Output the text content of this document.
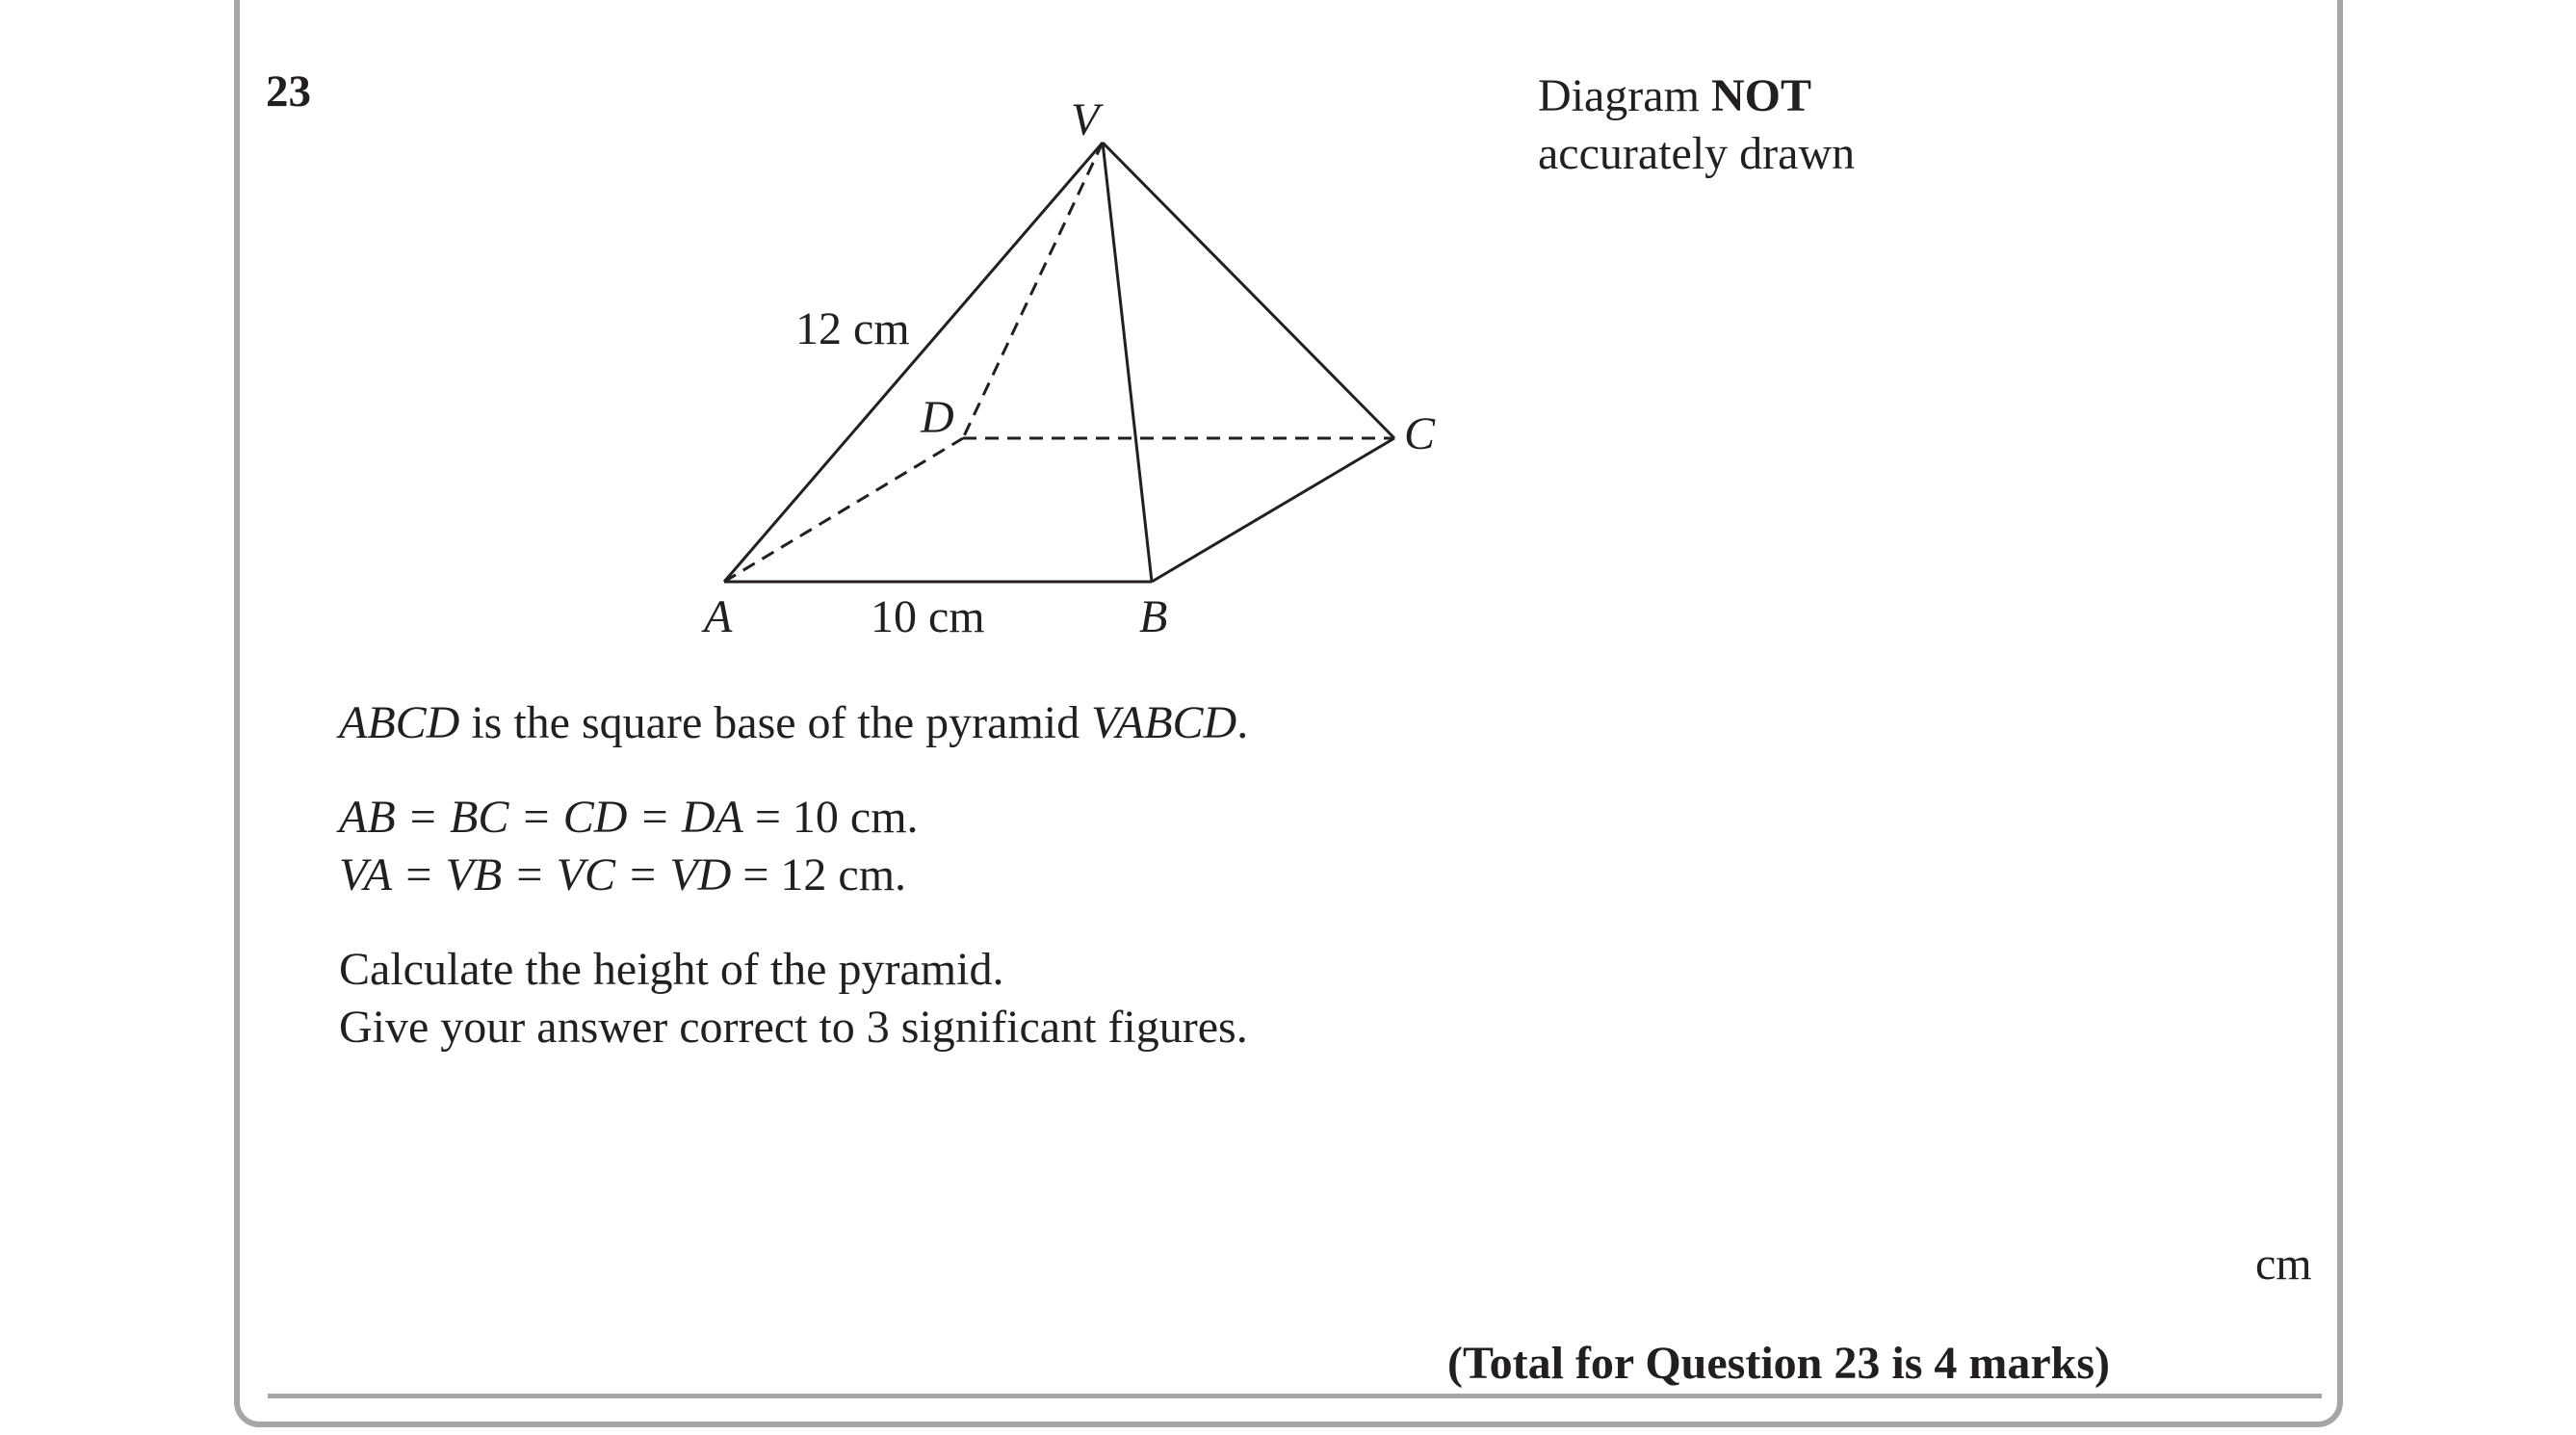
23	Diagram NOT
accurately drawn
V
D	C
A	B
12 cm
10 cm
ABCD is the square base of the pyramid VABCD.
AB = BC = CD = DA = 10 cm.
VA = VB = VC = VD = 12 cm.
Calculate the height of the pyramid.
Give your answer correct to 3 significant figures.
cm
(Total for Question 23 is 4 marks)
